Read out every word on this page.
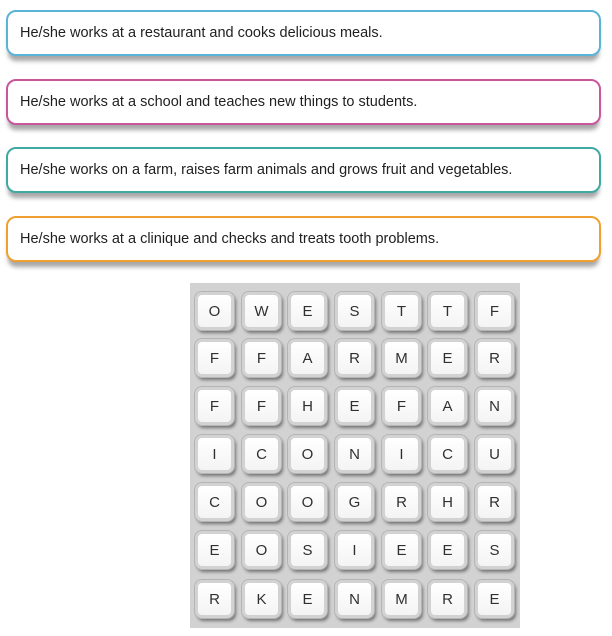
He/she works at a restaurant and cooks delicious meals.
He/she works at a school and teaches new things to students.
He/she works on a farm, raises farm animals and grows fruit and vegetables.
He/she works at a clinique and checks and treats tooth problems.
O	W	E	S	T	T	F
F	F	A	R	M	E	R
F	F	H	E	F	A	N
I	C	O	N	I	C	U
C	O	O	G	R	H	R
E	O	S	I	E	E	S
R	K	E	N	M	R	E
